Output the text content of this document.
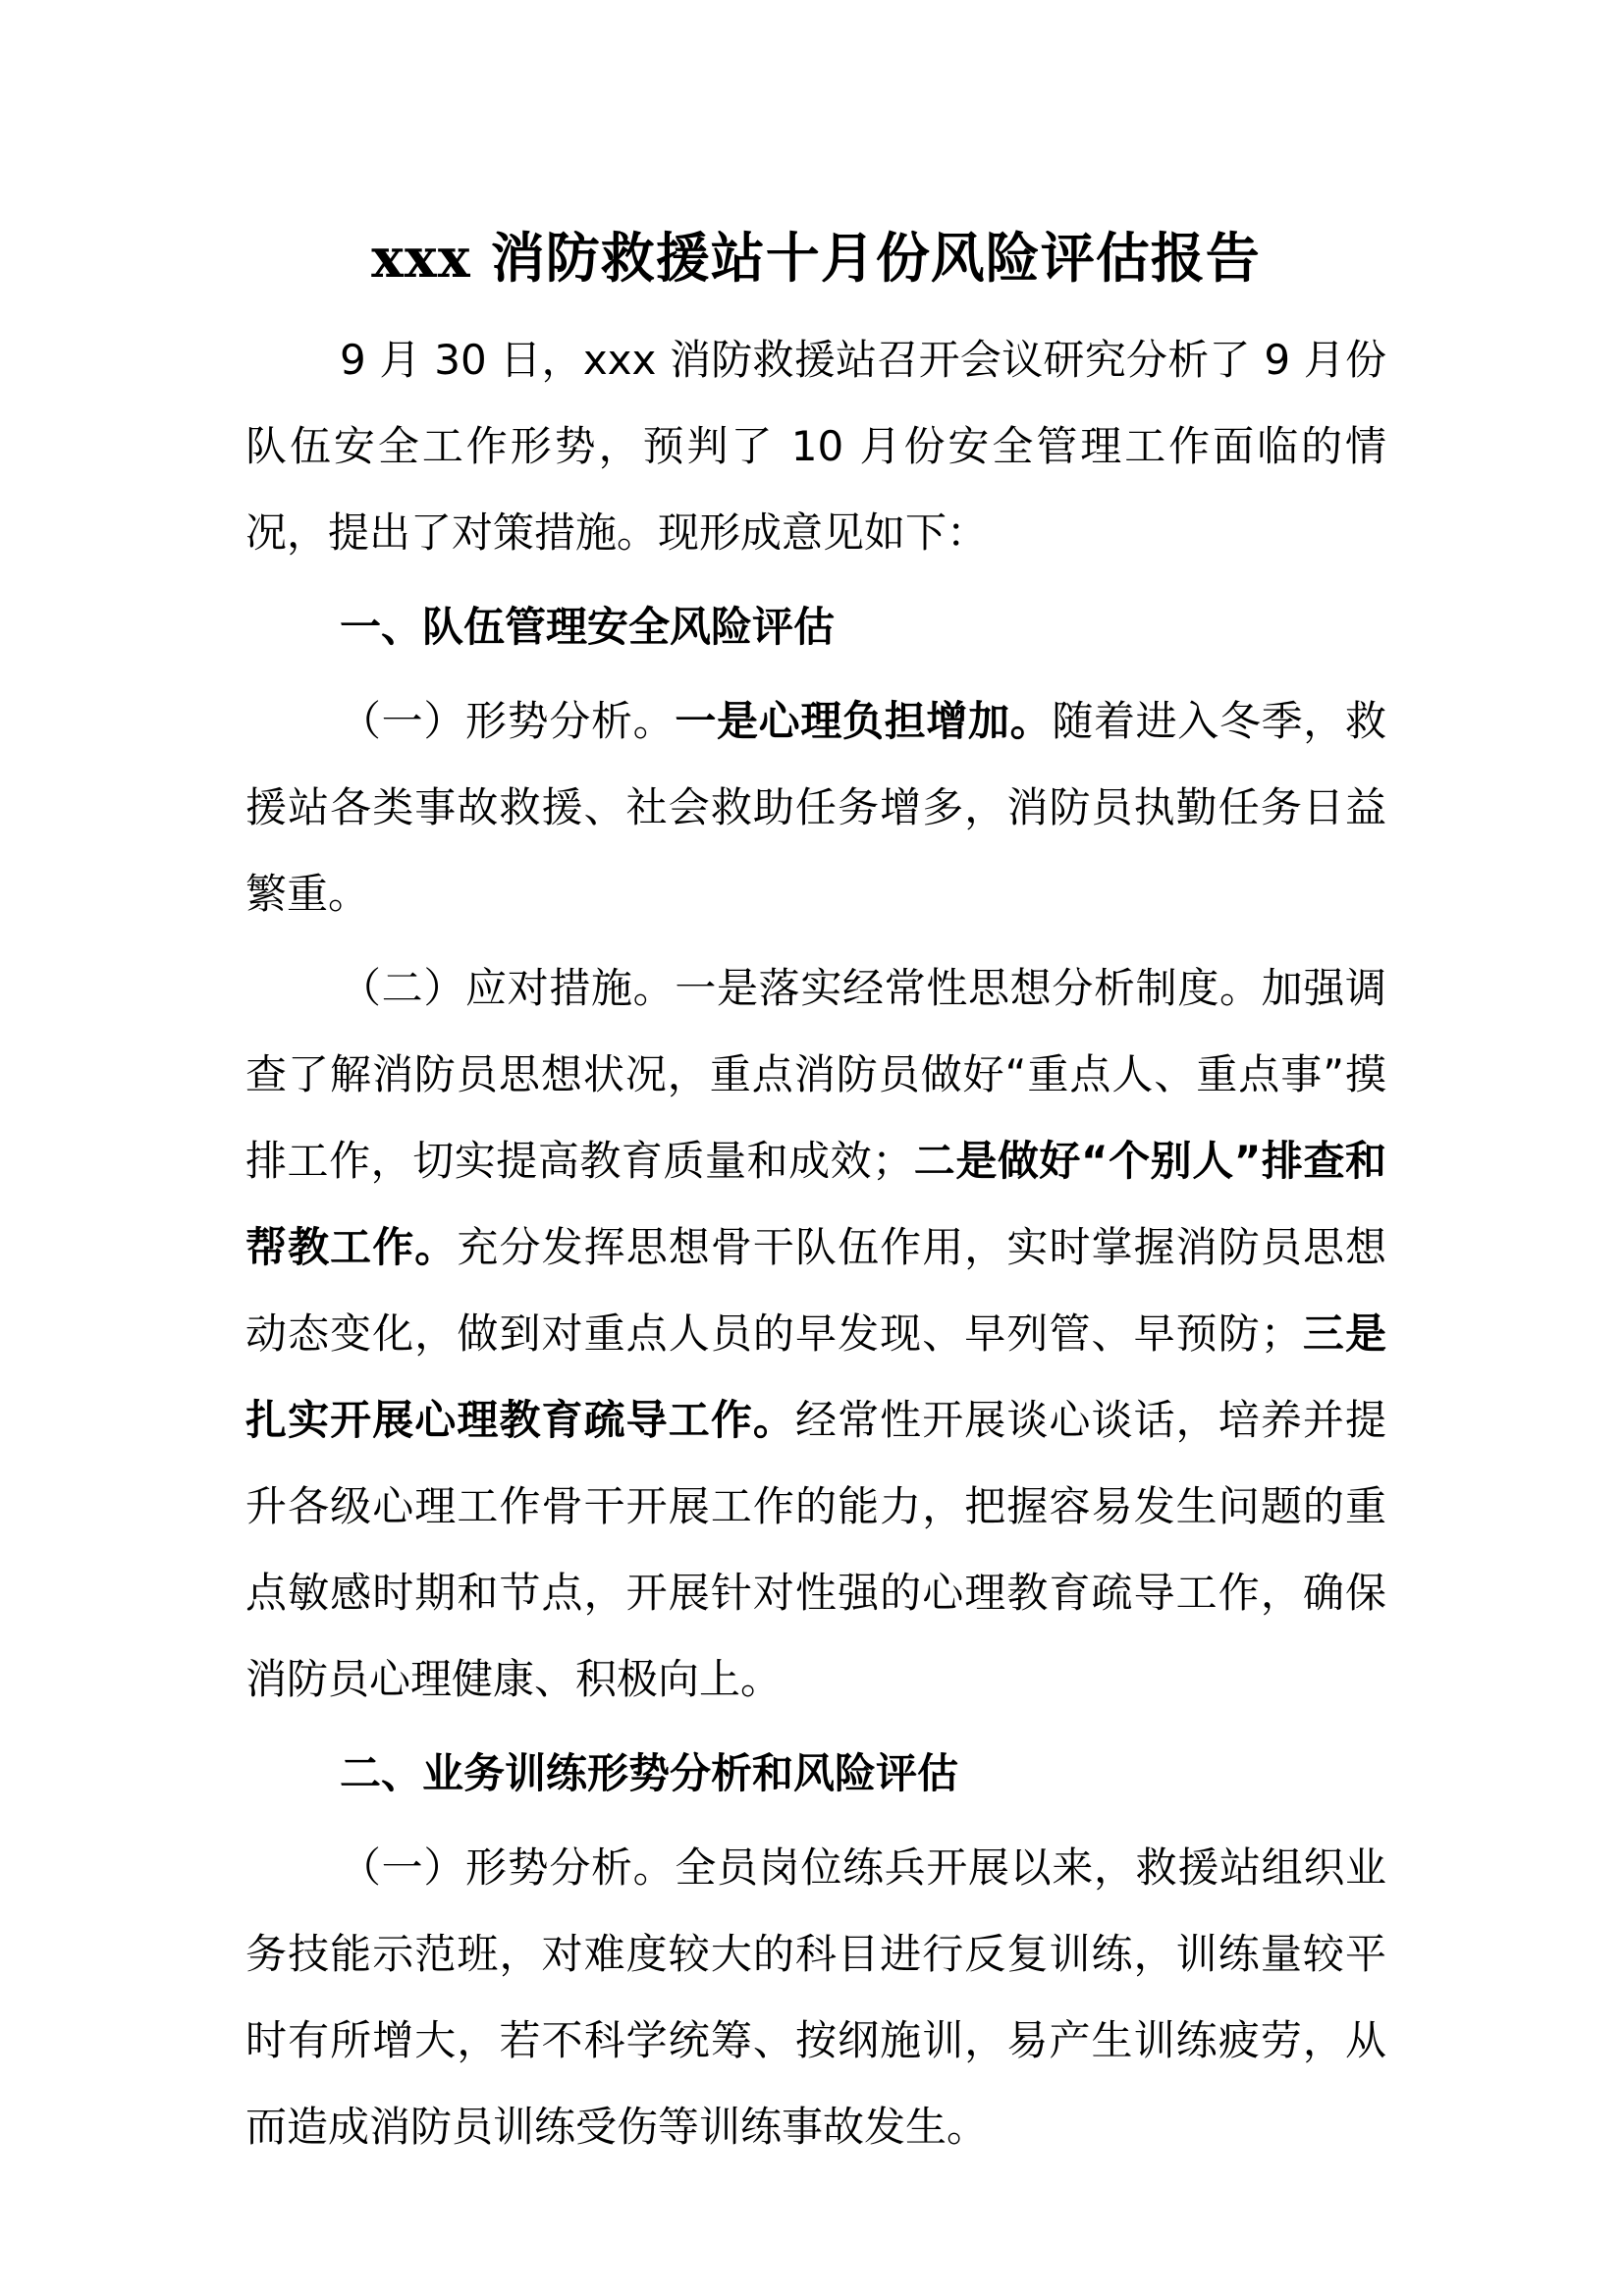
xxx 消防救援站十月份风险评估报告

9 月 30 日，xxx 消防救援站召开会议研究分析了 9 月份队伍安全工作形势，预判了 10 月份安全管理工作面临的情况，提出了对策措施。现形成意见如下：

一、队伍管理安全风险评估

（一）形势分析。一是心理负担增加。随着进入冬季，救援站各类事故救援、社会救助任务增多，消防员执勤任务日益繁重。

（二）应对措施。一是落实经常性思想分析制度。加强调查了解消防员思想状况，重点消防员做好“重点人、重点事”摸排工作，切实提高教育质量和成效；二是做好“个别人”排查和帮教工作。充分发挥思想骨干队伍作用，实时掌握消防员思想动态变化，做到对重点人员的早发现、早列管、早预防；三是扎实开展心理教育疏导工作。经常性开展谈心谈话，培养并提升各级心理工作骨干开展工作的能力，把握容易发生问题的重点敏感时期和节点，开展针对性强的心理教育疏导工作，确保消防员心理健康、积极向上。

二、业务训练形势分析和风险评估

（一）形势分析。全员岗位练兵开展以来，救援站组织业务技能示范班，对难度较大的科目进行反复训练，训练量较平时有所增大，若不科学统筹、按纲施训，易产生训练疲劳，从而造成消防员训练受伤等训练事故发生。
